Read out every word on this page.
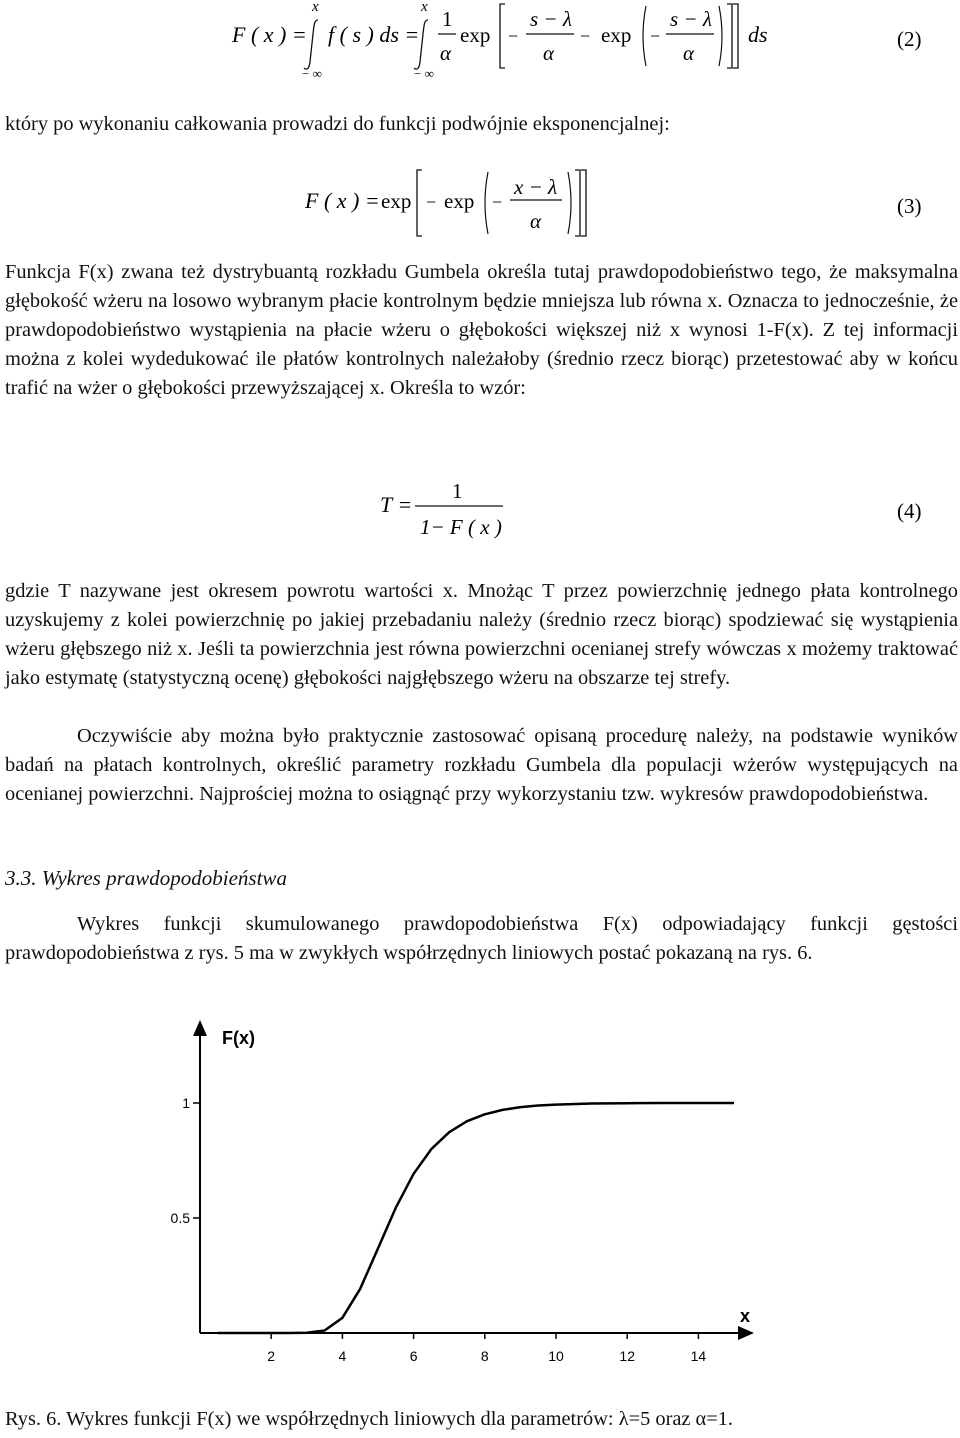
F ( x ) =
x
− ∞
f ( s ) ds =
x
− ∞
1
α
exp −
s − λ
α
− exp −
s − λ
α
ds	(2)
który po wykonaniu całkowania prowadzi do funkcji podwójnie eksponencjalnej:
F ( x ) = exp − exp −
x − λ
α
(3)
Funkcja F(x) zwana też dystrybuantą rozkładu Gumbela określa tutaj prawdopodobieństwo tego, że maksymalna głębokość wżeru na losowo wybranym płacie kontrolnym będzie mniejsza lub równa x. Oznacza to jednocześnie, że prawdopodobieństwo wystąpienia na płacie wżeru o głębokości większej niż x wynosi 1-F(x). Z tej informacji można z kolei wydedukować ile płatów kontrolnych należałoby (średnio rzecz biorąc) przetestować aby w końcu trafić na wżer o głębokości przewyższającej x. Określa to wzór:
T =
1
1− F ( x )
(4)
gdzie T nazywane jest okresem powrotu wartości x. Mnożąc T przez powierzchnię jednego płata kontrolnego uzyskujemy z kolei powierzchnię po jakiej przebadaniu należy (średnio rzecz biorąc) spodziewać się wystąpienia wżeru głębszego niż x. Jeśli ta powierzchnia jest równa powierzchni ocenianej strefy wówczas x możemy traktować jako estymatę (statystyczną ocenę) głębokości najgłębszego wżeru na obszarze tej strefy.
Oczywiście aby można było praktycznie zastosować opisaną procedurę należy, na podstawie wyników badań na płatach kontrolnych, określić parametry rozkładu Gumbela dla populacji wżerów występujących na ocenianej powierzchni. Najprościej można to osiągnąć przy wykorzystaniu tzw. wykresów prawdopodobieństwa.
3.3. Wykres prawdopodobieństwa
Wykres funkcji skumulowanego prawdopodobieństwa F(x) odpowiadający funkcji gęstości prawdopodobieństwa z rys. 5 ma w zwykłych współrzędnych liniowych postać pokazaną na rys. 6.
2	4	6	8	10	12	14
0.5
1
F(x)
x
Rys. 6. Wykres funkcji F(x) we współrzędnych liniowych dla parametrów: λ=5 oraz α=1.
